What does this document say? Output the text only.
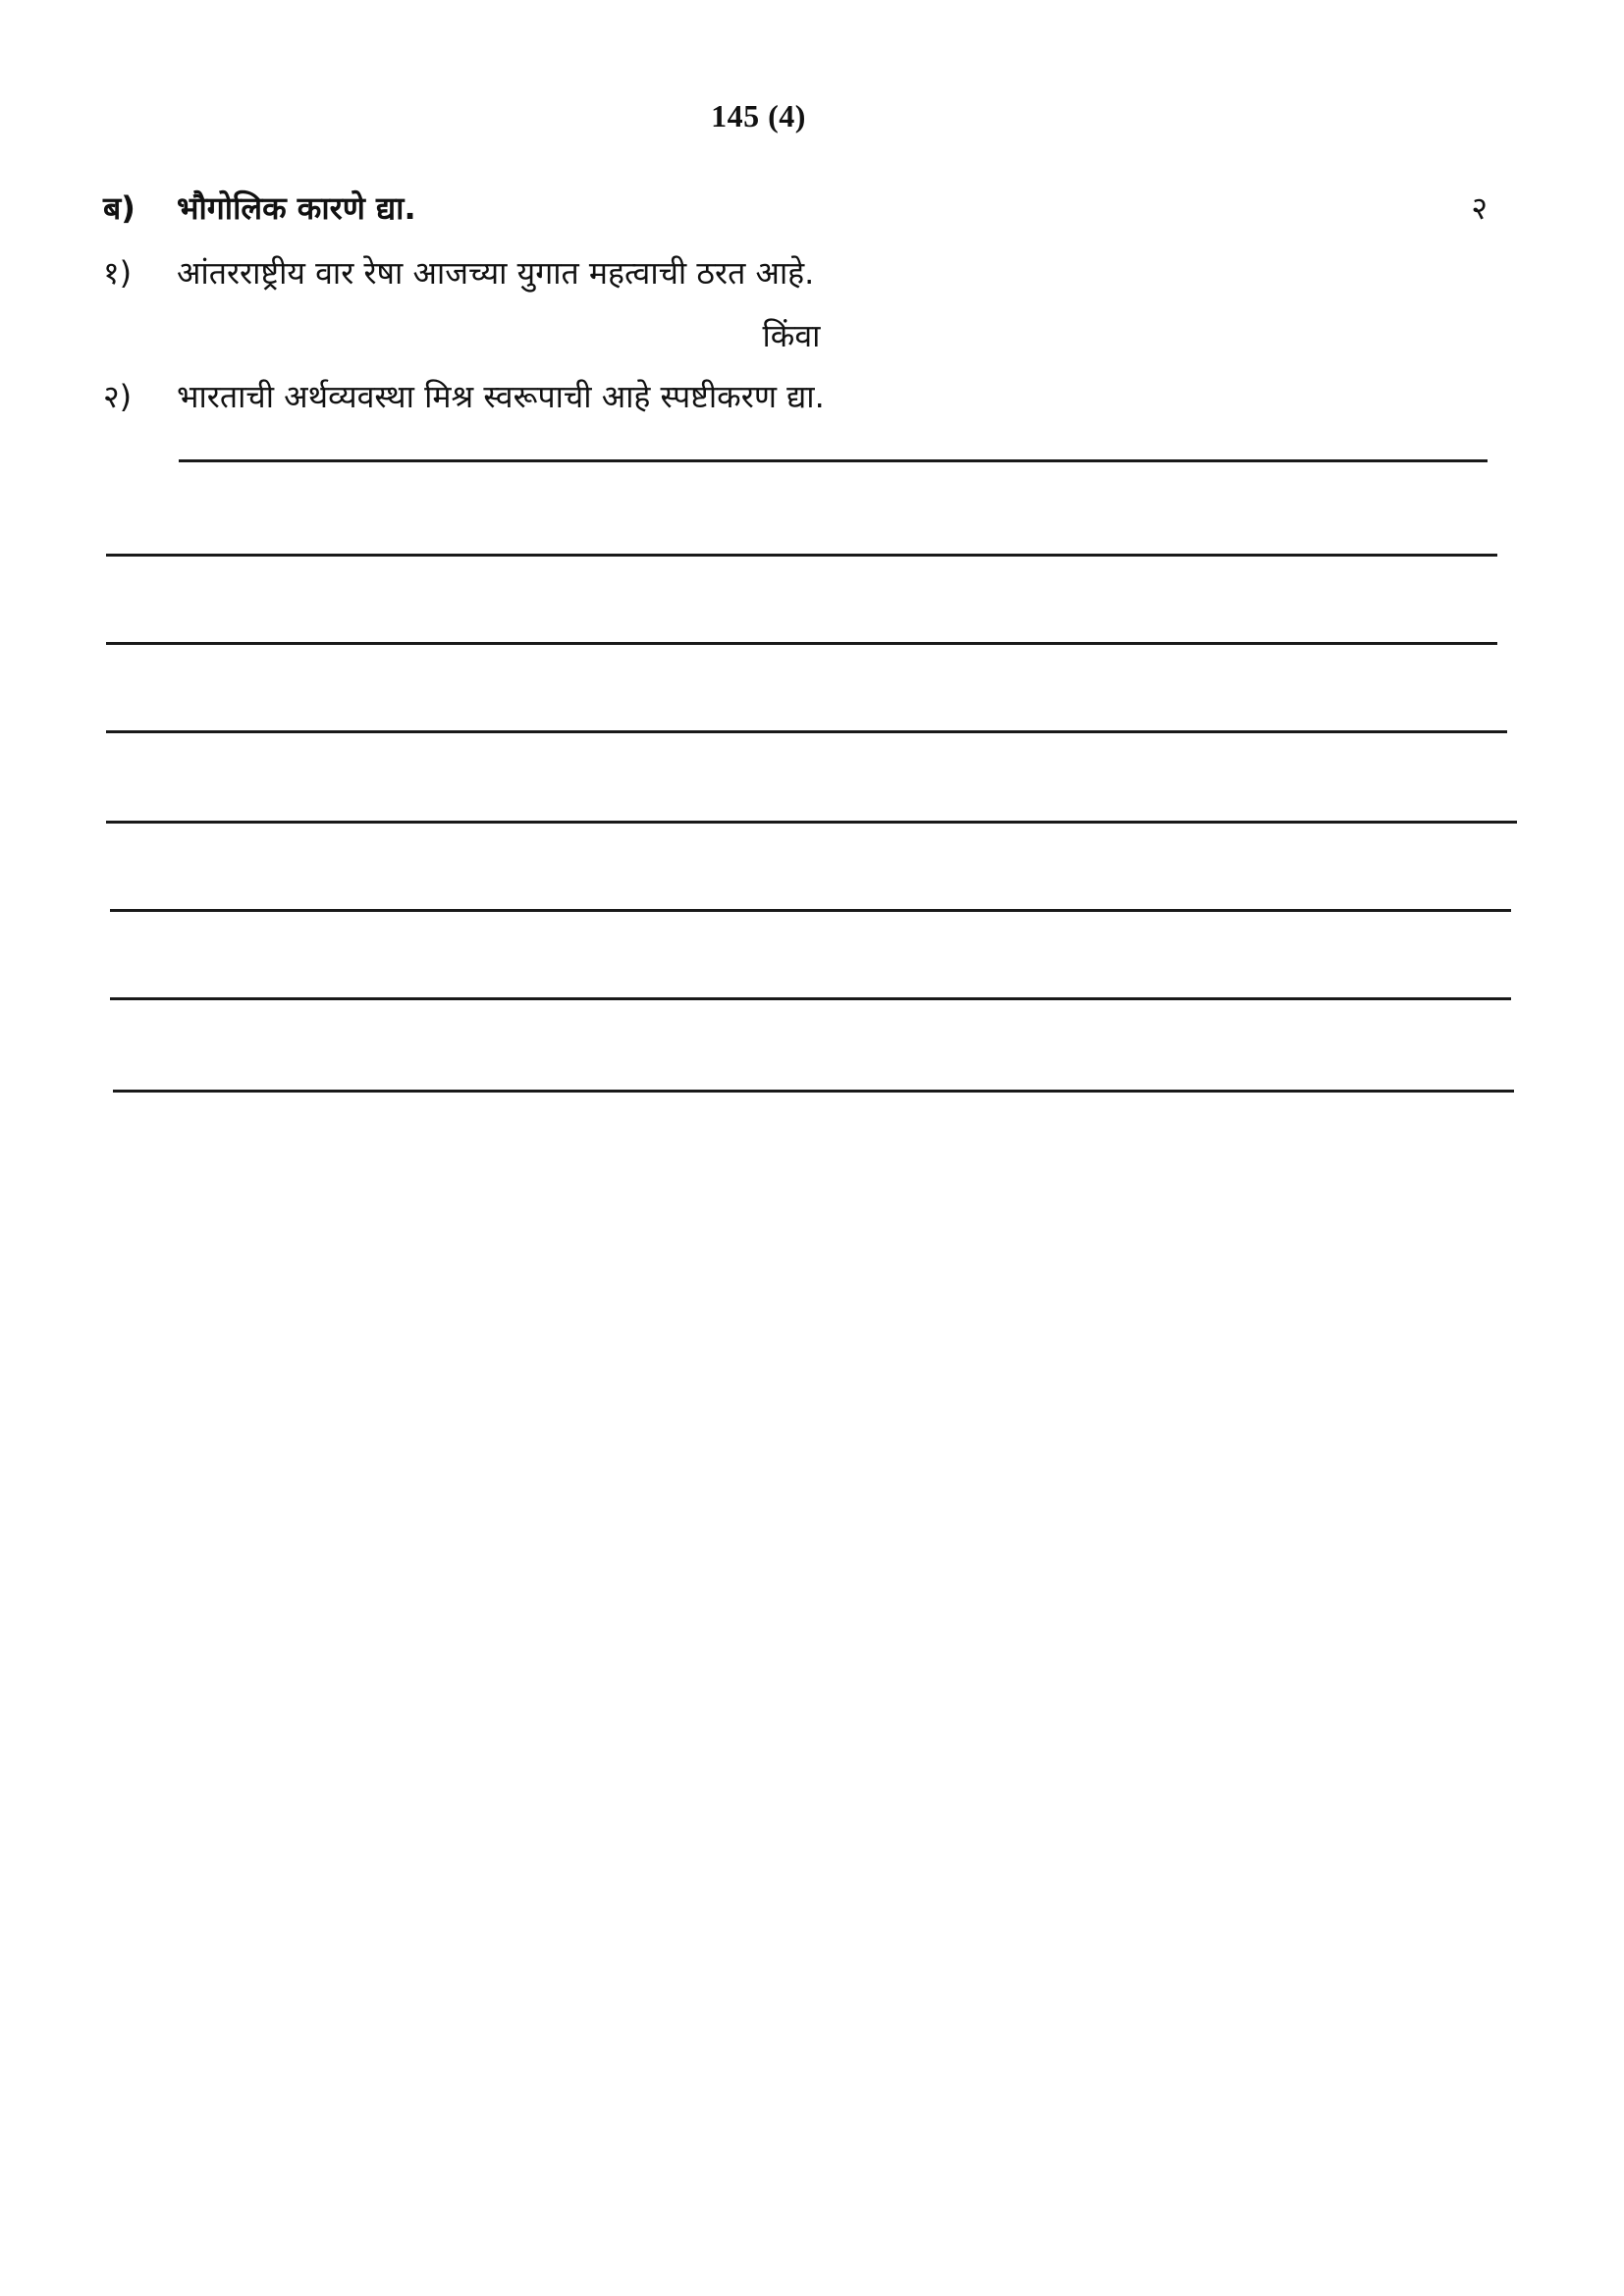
145 (4)
ब) भौगोलिक कारणे द्या.	२
१) आंतरराष्ट्रीय वार रेषा आजच्या युगात महत्वाची ठरत आहे.
किंवा
२) भारताची अर्थव्यवस्था मिश्र स्वरूपाची आहे स्पष्टीकरण द्या.
